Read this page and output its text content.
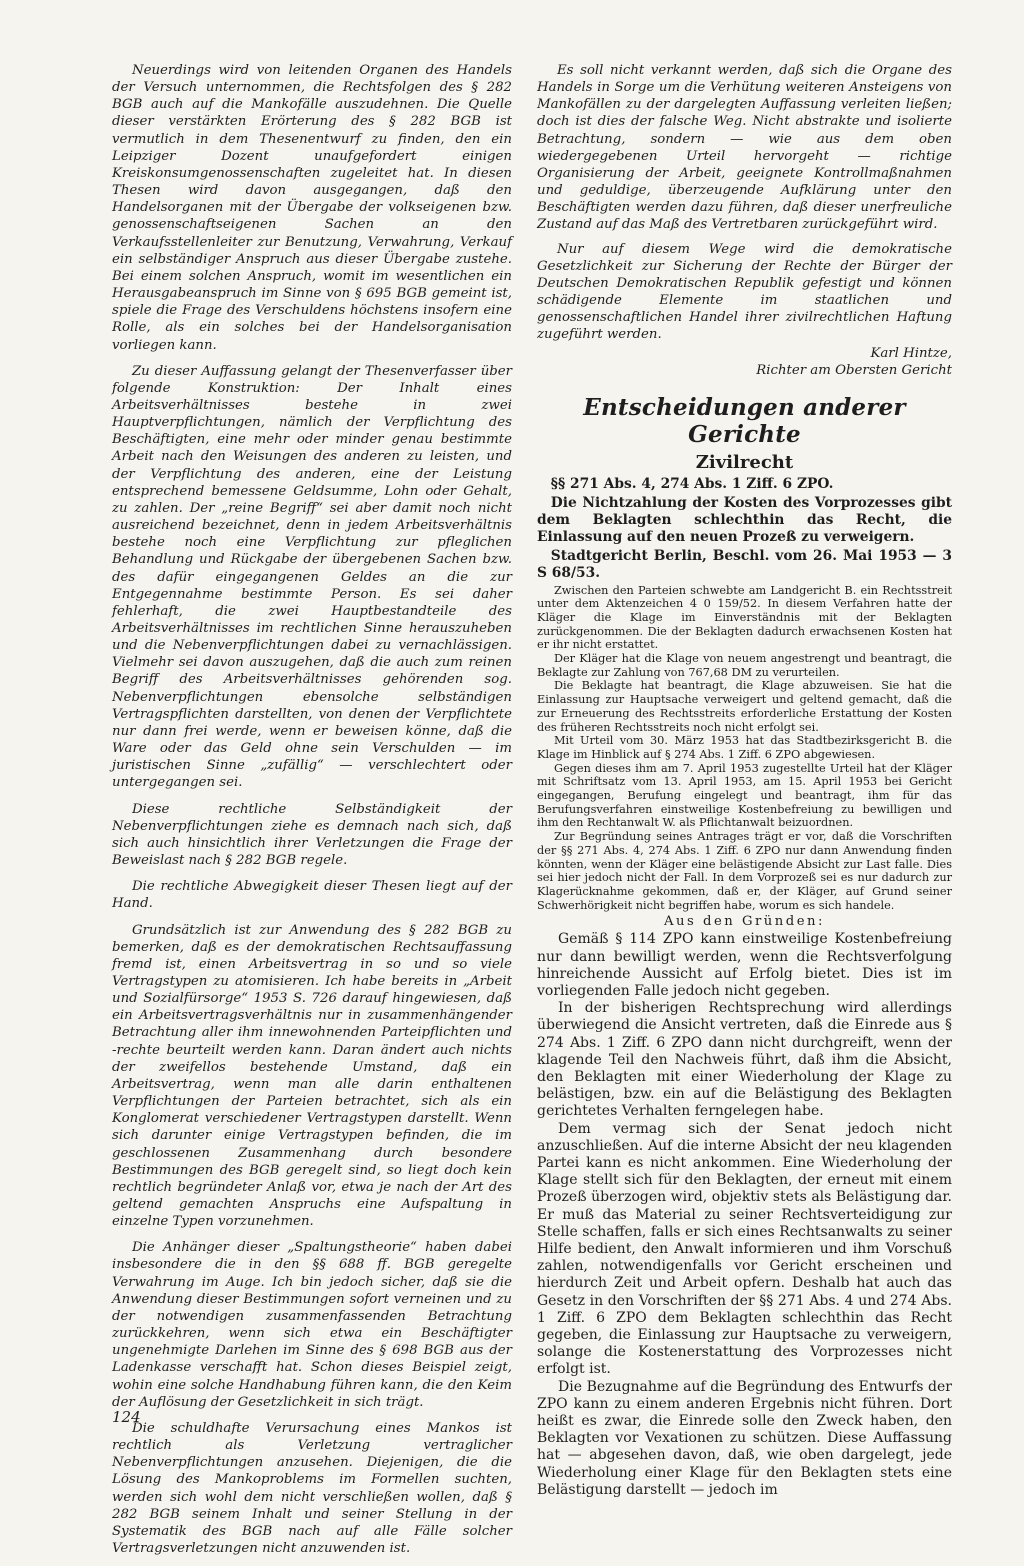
Neuerdings wird von leitenden Organen des Handels der Versuch unternommen, die Rechtsfolgen des § 282 BGB auch auf die Mankofälle auszudehnen. Die Quelle dieser verstärkten Erörterung des § 282 BGB ist vermutlich in dem Thesenentwurf zu finden, den ein Leipziger Dozent unaufgefordert einigen Kreiskonsumgenossenschaften zugeleitet hat. In diesen Thesen wird davon ausgegangen, daß den Handelsorganen mit der Übergabe der volkseigenen bzw. genossenschaftseigenen Sachen an den Verkaufsstellenleiter zur Benutzung, Verwahrung, Verkauf ein selbständiger Anspruch aus dieser Übergabe zustehe. Bei einem solchen Anspruch, womit im wesentlichen ein Herausgabeanspruch im Sinne von § 695 BGB gemeint ist, spiele die Frage des Verschuldens höchstens insofern eine Rolle, als ein solches bei der Handelsorganisation vorliegen kann.

Zu dieser Auffassung gelangt der Thesenverfasser über folgende Konstruktion: Der Inhalt eines Arbeitsverhältnisses bestehe in zwei Hauptverpflichtungen, nämlich der Verpflichtung des Beschäftigten, eine mehr oder minder genau bestimmte Arbeit nach den Weisungen des anderen zu leisten, und der Verpflichtung des anderen, eine der Leistung entsprechend bemessene Geldsumme, Lohn oder Gehalt, zu zahlen. Der „reine Begriff“ sei aber damit noch nicht ausreichend bezeichnet, denn in jedem Arbeitsverhältnis bestehe noch eine Verpflichtung zur pfleglichen Behandlung und Rückgabe der übergebenen Sachen bzw. des dafür eingegangenen Geldes an die zur Entgegennahme bestimmte Person. Es sei daher fehlerhaft, die zwei Hauptbestandteile des Arbeitsverhältnisses im rechtlichen Sinne herauszuheben und die Nebenverpflichtungen dabei zu vernachlässigen. Vielmehr sei davon auszugehen, daß die auch zum reinen Begriff des Arbeitsverhältnisses gehörenden sog. Nebenverpflichtungen ebensolche selbständigen Vertragspflichten darstellten, von denen der Verpflichtete nur dann frei werde, wenn er beweisen könne, daß die Ware oder das Geld ohne sein Verschulden — im juristischen Sinne „zufällig“ — verschlechtert oder untergegangen sei.

Diese rechtliche Selbständigkeit der Nebenverpflichtungen ziehe es demnach nach sich, daß sich auch hinsichtlich ihrer Verletzungen die Frage der Beweislast nach § 282 BGB regele.

Die rechtliche Abwegigkeit dieser Thesen liegt auf der Hand.

Grundsätzlich ist zur Anwendung des § 282 BGB zu bemerken, daß es der demokratischen Rechtsauffassung fremd ist, einen Arbeitsvertrag in so und so viele Vertragstypen zu atomisieren. Ich habe bereits in „Arbeit und Sozialfürsorge“ 1953 S. 726 darauf hingewiesen, daß ein Arbeitsvertragsverhältnis nur in zusammenhängender Betrachtung aller ihm innewohnenden Parteipflichten und -rechte beurteilt werden kann. Daran ändert auch nichts der zweifellos bestehende Umstand, daß ein Arbeitsvertrag, wenn man alle darin enthaltenen Verpflichtungen der Parteien betrachtet, sich als ein Konglomerat verschiedener Vertragstypen darstellt. Wenn sich darunter einige Vertragstypen befinden, die im geschlossenen Zusammenhang durch besondere Bestimmungen des BGB geregelt sind, so liegt doch kein rechtlich begründeter Anlaß vor, etwa je nach der Art des geltend gemachten Anspruchs eine Aufspaltung in einzelne Typen vorzunehmen.

Die Anhänger dieser „Spaltungstheorie“ haben dabei insbesondere die in den §§ 688 ff. BGB geregelte Verwahrung im Auge. Ich bin jedoch sicher, daß sie die Anwendung dieser Bestimmungen sofort verneinen und zu der notwendigen zusammenfassenden Betrachtung zurückkehren, wenn sich etwa ein Beschäftigter ungenehmigte Darlehen im Sinne des § 698 BGB aus der Ladenkasse verschafft hat. Schon dieses Beispiel zeigt, wohin eine solche Handhabung führen kann, die den Keim der Auflösung der Gesetzlichkeit in sich trägt.

Die schuldhafte Verursachung eines Mankos ist rechtlich als Verletzung vertraglicher Nebenverpflichtungen anzusehen. Diejenigen, die die Lösung des Mankoproblems im Formellen suchten, werden sich wohl dem nicht verschließen wollen, daß § 282 BGB seinem Inhalt und seiner Stellung in der Systematik des BGB nach auf alle Fälle solcher Vertragsverletzungen nicht anzuwenden ist.

Es soll nicht verkannt werden, daß sich die Organe des Handels in Sorge um die Verhütung weiteren Ansteigens von Mankofällen zu der dargelegten Auffassung verleiten ließen; doch ist dies der falsche Weg. Nicht abstrakte und isolierte Betrachtung, sondern — wie aus dem oben wiedergegebenen Urteil hervorgeht — richtige Organisierung der Arbeit, geeignete Kontrollmaßnahmen und geduldige, überzeugende Aufklärung unter den Beschäftigten werden dazu führen, daß dieser unerfreuliche Zustand auf das Maß des Vertretbaren zurückgeführt wird.

Nur auf diesem Wege wird die demokratische Gesetzlichkeit zur Sicherung der Rechte der Bürger der Deutschen Demokratischen Republik gefestigt und können schädigende Elemente im staatlichen und genossenschaftlichen Handel ihrer zivilrechtlichen Haftung zugeführt werden.

Karl Hintze,
Richter am Obersten Gericht
Entscheidungen anderer Gerichte
Zivilrecht

§§ 271 Abs. 4, 274 Abs. 1 Ziff. 6 ZPO.

Die Nichtzahlung der Kosten des Vorprozesses gibt dem Beklagten schlechthin das Recht, die Einlassung auf den neuen Prozeß zu verweigern.

Stadtgericht Berlin, Beschl. vom 26. Mai 1953 — 3 S 68/53.

Zwischen den Parteien schwebte am Landgericht B. ein Rechtsstreit unter dem Aktenzeichen 4 0 159/52. In diesem Verfahren hatte der Kläger die Klage im Einverständnis mit der Beklagten zurückgenommen. Die der Beklagten dadurch erwachsenen Kosten hat er ihr nicht erstattet.

Der Kläger hat die Klage von neuem angestrengt und beantragt, die Beklagte zur Zahlung von 767,68 DM zu verurteilen.

Die Beklagte hat beantragt, die Klage abzuweisen. Sie hat die Einlassung zur Hauptsache verweigert und geltend gemacht, daß die zur Erneuerung des Rechtsstreits erforderliche Erstattung der Kosten des früheren Rechtsstreits noch nicht erfolgt sei.

Mit Urteil vom 30. März 1953 hat das Stadtbezirksgericht B. die Klage im Hinblick auf § 274 Abs. 1 Ziff. 6 ZPO abgewiesen.

Gegen dieses ihm am 7. April 1953 zugestellte Urteil hat der Kläger mit Schriftsatz vom 13. April 1953, am 15. April 1953 bei Gericht eingegangen, Berufung eingelegt und beantragt, ihm für das Berufungsverfahren einstweilige Kostenbefreiung zu bewilligen und ihm den Rechtanwalt W. als Pflichtanwalt beizuordnen.

Zur Begründung seines Antrages trägt er vor, daß die Vorschriften der §§ 271 Abs. 4, 274 Abs. 1 Ziff. 6 ZPO nur dann Anwendung finden könnten, wenn der Kläger eine belästigende Absicht zur Last falle. Dies sei hier jedoch nicht der Fall. In dem Vorprozeß sei es nur dadurch zur Klagerücknahme gekommen, daß er, der Kläger, auf Grund seiner Schwerhörigkeit nicht begriffen habe, worum es sich handele.

Aus den Gründen:

Gemäß § 114 ZPO kann einstweilige Kostenbefreiung nur dann bewilligt werden, wenn die Rechtsverfolgung hinreichende Aussicht auf Erfolg bietet. Dies ist im vorliegenden Falle jedoch nicht gegeben.

In der bisherigen Rechtsprechung wird allerdings überwiegend die Ansicht vertreten, daß die Einrede aus § 274 Abs. 1 Ziff. 6 ZPO dann nicht durchgreift, wenn der klagende Teil den Nachweis führt, daß ihm die Absicht, den Beklagten mit einer Wiederholung der Klage zu belästigen, bzw. ein auf die Belästigung des Beklagten gerichtetes Verhalten ferngelegen habe.

Dem vermag sich der Senat jedoch nicht anzuschließen. Auf die interne Absicht der neu klagenden Partei kann es nicht ankommen. Eine Wiederholung der Klage stellt sich für den Beklagten, der erneut mit einem Prozeß überzogen wird, objektiv stets als Belästigung dar. Er muß das Material zu seiner Rechtsverteidigung zur Stelle schaffen, falls er sich eines Rechtsanwalts zu seiner Hilfe bedient, den Anwalt informieren und ihm Vorschuß zahlen, notwendigenfalls vor Gericht erscheinen und hierdurch Zeit und Arbeit opfern. Deshalb hat auch das Gesetz in den Vorschriften der §§ 271 Abs. 4 und 274 Abs. 1 Ziff. 6 ZPO dem Beklagten schlechthin das Recht gegeben, die Einlassung zur Hauptsache zu verweigern, solange die Kostenerstattung des Vorprozesses nicht erfolgt ist.

Die Bezugnahme auf die Begründung des Entwurfs der ZPO kann zu einem anderen Ergebnis nicht führen. Dort heißt es zwar, die Einrede solle den Zweck haben, den Beklagten vor Vexationen zu schützen. Diese Auffassung hat — abgesehen davon, daß, wie oben dargelegt, jede Wiederholung einer Klage für den Beklagten stets eine Belästigung darstellt — jedoch im

124
